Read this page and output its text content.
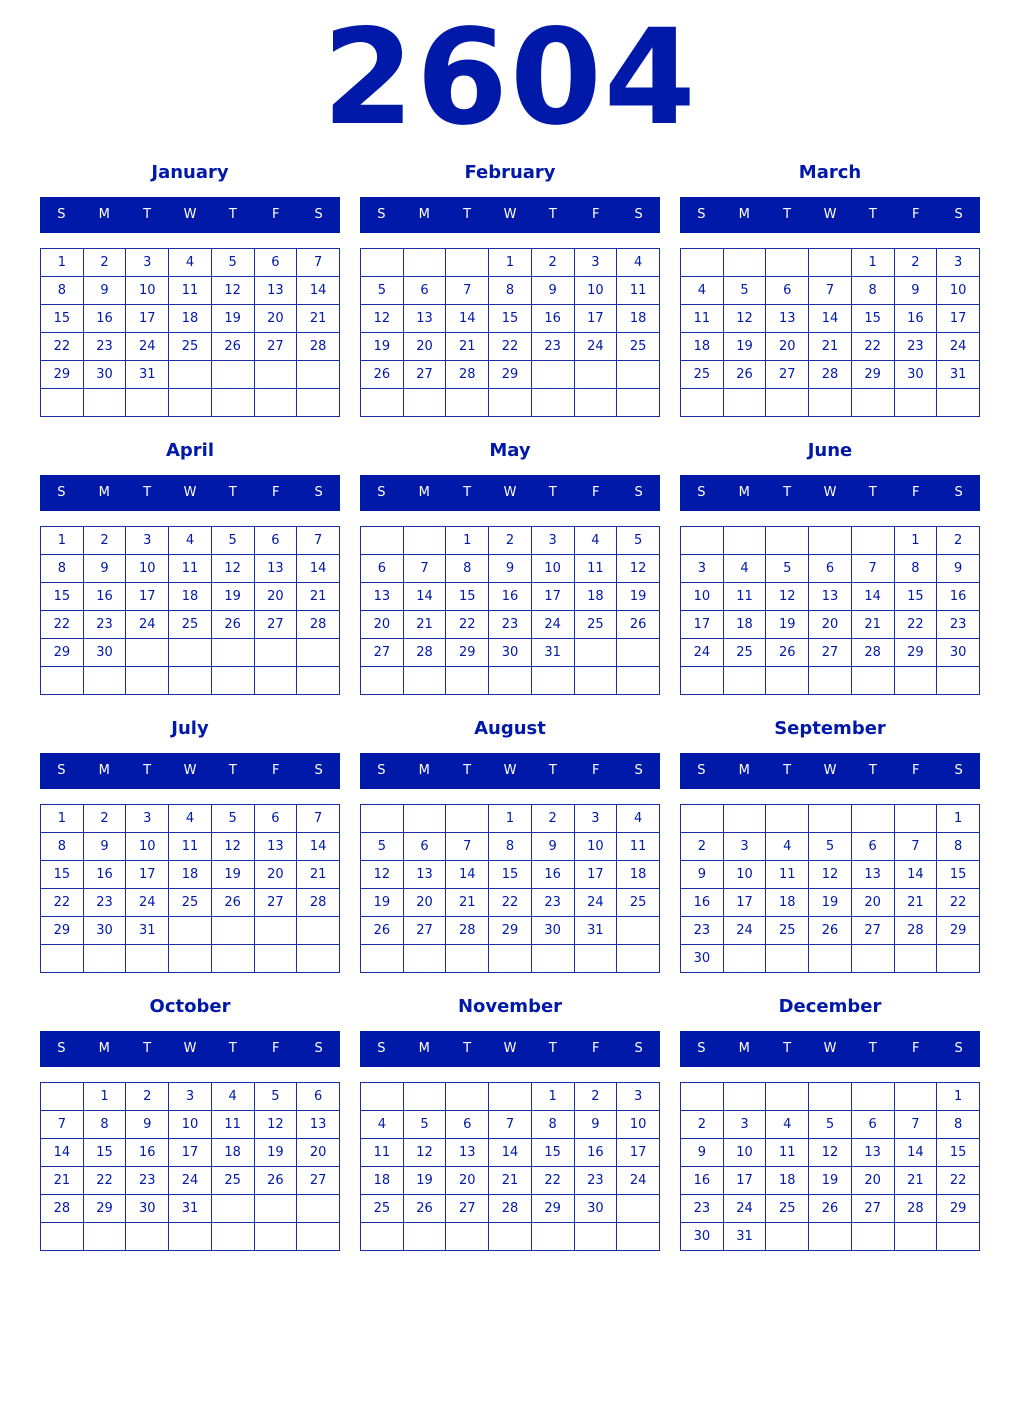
2604
January
S	M	T	W	T	F	S
1	2	3	4	5	6	7
8	9	10	11	12	13	14
15	16	17	18	19	20	21
22	23	24	25	26	27	28
29	30	31				

February
S	M	T	W	T	F	S
			1	2	3	4
5	6	7	8	9	10	11
12	13	14	15	16	17	18
19	20	21	22	23	24	25
26	27	28	29			

March
S	M	T	W	T	F	S
				1	2	3
4	5	6	7	8	9	10
11	12	13	14	15	16	17
18	19	20	21	22	23	24
25	26	27	28	29	30	31

April
S	M	T	W	T	F	S
1	2	3	4	5	6	7
8	9	10	11	12	13	14
15	16	17	18	19	20	21
22	23	24	25	26	27	28
29	30					

May
S	M	T	W	T	F	S
		1	2	3	4	5
6	7	8	9	10	11	12
13	14	15	16	17	18	19
20	21	22	23	24	25	26
27	28	29	30	31		

June
S	M	T	W	T	F	S
					1	2
3	4	5	6	7	8	9
10	11	12	13	14	15	16
17	18	19	20	21	22	23
24	25	26	27	28	29	30

July
S	M	T	W	T	F	S
1	2	3	4	5	6	7
8	9	10	11	12	13	14
15	16	17	18	19	20	21
22	23	24	25	26	27	28
29	30	31				

August
S	M	T	W	T	F	S
			1	2	3	4
5	6	7	8	9	10	11
12	13	14	15	16	17	18
19	20	21	22	23	24	25
26	27	28	29	30	31	

September
S	M	T	W	T	F	S
						1
2	3	4	5	6	7	8
9	10	11	12	13	14	15
16	17	18	19	20	21	22
23	24	25	26	27	28	29
30						
October
S	M	T	W	T	F	S
	1	2	3	4	5	6
7	8	9	10	11	12	13
14	15	16	17	18	19	20
21	22	23	24	25	26	27
28	29	30	31			

November
S	M	T	W	T	F	S
				1	2	3
4	5	6	7	8	9	10
11	12	13	14	15	16	17
18	19	20	21	22	23	24
25	26	27	28	29	30	

December
S	M	T	W	T	F	S
						1
2	3	4	5	6	7	8
9	10	11	12	13	14	15
16	17	18	19	20	21	22
23	24	25	26	27	28	29
30	31					
